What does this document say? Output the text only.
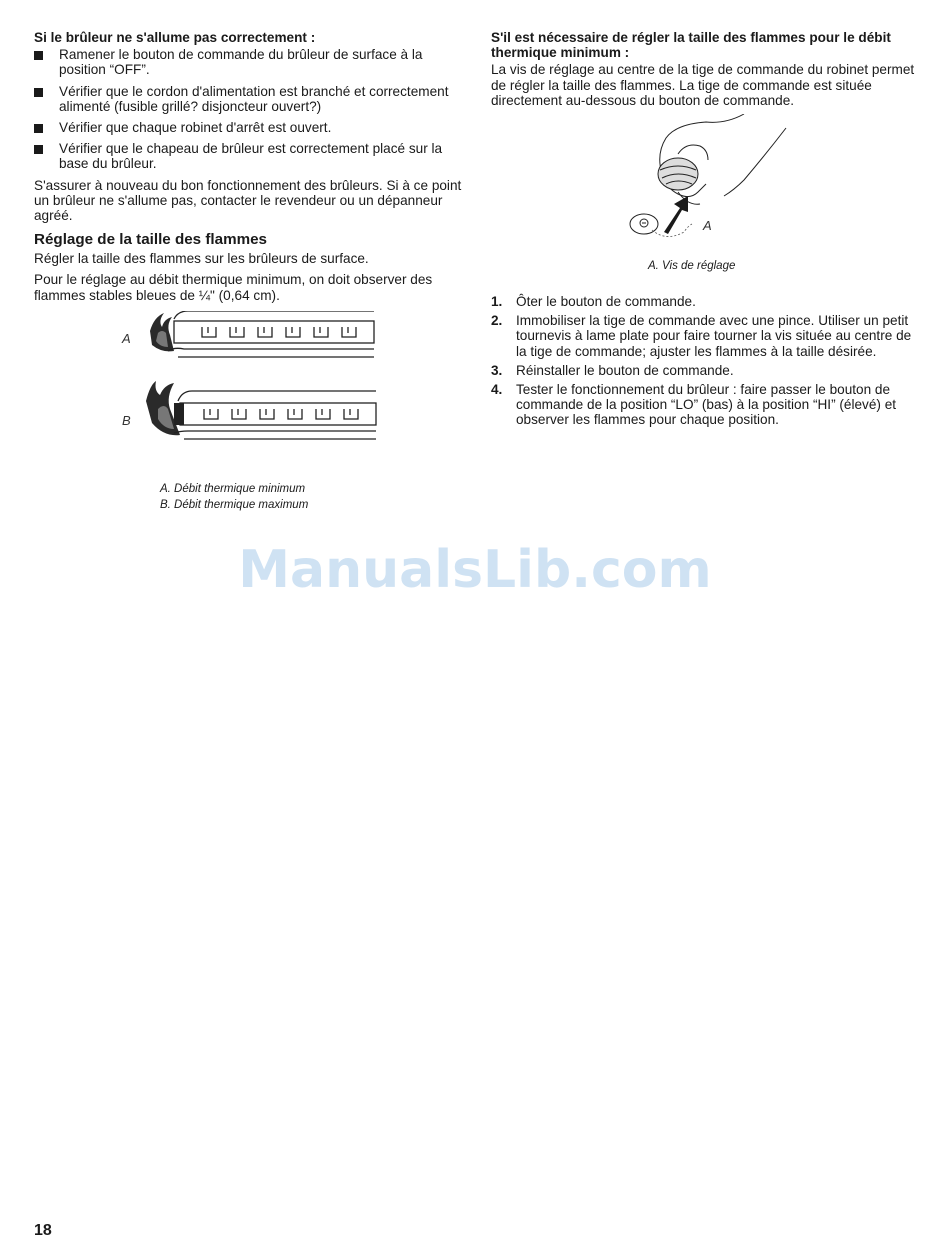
Si le brûleur ne s'allume pas correctement :
Ramener le bouton de commande du brûleur de surface à la position “OFF”.
Vérifier que le cordon d'alimentation est branché et correctement alimenté (fusible grillé? disjoncteur ouvert?)
Vérifier que chaque robinet d'arrêt est ouvert.
Vérifier que le chapeau de brûleur est correctement placé sur la base du brûleur.

S'assurer à nouveau du bon fonctionnement des brûleurs. Si à ce point un brûleur ne s'allume pas, contacter le revendeur ou un dépanneur agréé.

Réglage de la taille des flammes

Régler la taille des flammes sur les brûleurs de surface.

Pour le réglage au débit thermique minimum, on doit observer des flammes stables bleues de ¼" (0,64 cm).

A
B
A. Débit thermique minimum
B. Débit thermique maximum
S'il est nécessaire de régler la taille des flammes pour le débit thermique minimum :

La vis de réglage au centre de la tige de commande du robinet permet de régler la taille des flammes. La tige de commande est située directement au-dessous du bouton de commande.

A
A. Vis de réglage
1. Ôter le bouton de commande.
2. Immobiliser la tige de commande avec une pince. Utiliser un petit tournevis à lame plate pour faire tourner la vis située au centre de la tige de commande; ajuster les flammes à la taille désirée.
3. Réinstaller le bouton de commande.
4. Tester le fonctionnement du brûleur : faire passer le bouton de commande de la position “LO” (bas) à la position “HI” (élevé) et observer les flammes pour chaque position.
ManualsLib.com
18
